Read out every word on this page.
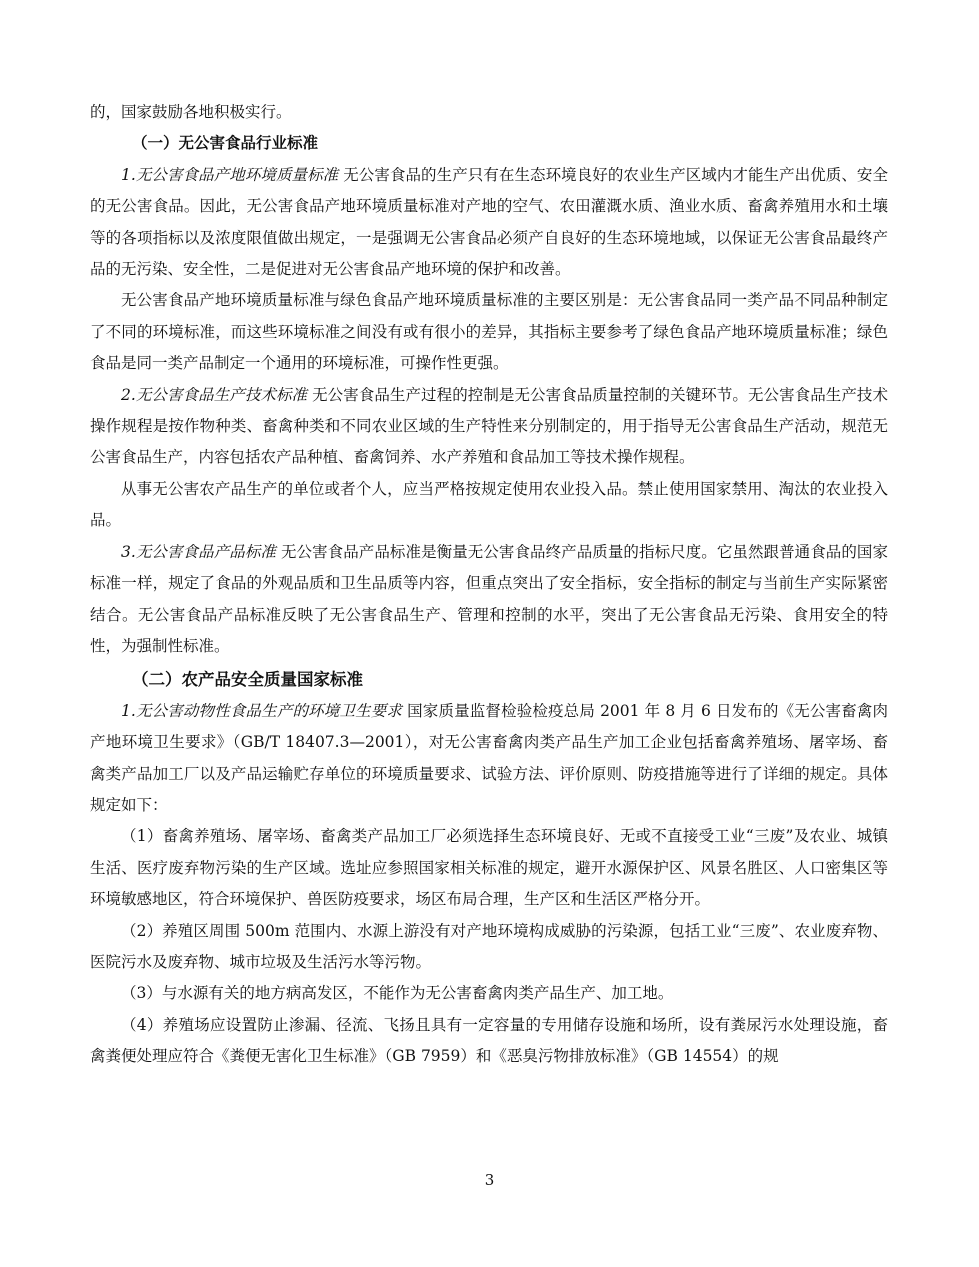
的，国家鼓励各地积极实行。

（一）无公害食品行业标准

1.无公害食品产地环境质量标准 无公害食品的生产只有在生态环境良好的农业生产区域内才能生产出优质、安全的无公害食品。因此，无公害食品产地环境质量标准对产地的空气、农田灌溉水质、渔业水质、畜禽养殖用水和土壤等的各项指标以及浓度限值做出规定，一是强调无公害食品必须产自良好的生态环境地域，以保证无公害食品最终产品的无污染、安全性，二是促进对无公害食品产地环境的保护和改善。

无公害食品产地环境质量标准与绿色食品产地环境质量标准的主要区别是：无公害食品同一类产品不同品种制定了不同的环境标准，而这些环境标准之间没有或有很小的差异，其指标主要参考了绿色食品产地环境质量标准；绿色食品是同一类产品制定一个通用的环境标准，可操作性更强。

2.无公害食品生产技术标准 无公害食品生产过程的控制是无公害食品质量控制的关键环节。无公害食品生产技术操作规程是按作物种类、畜禽种类和不同农业区域的生产特性来分别制定的，用于指导无公害食品生产活动，规范无公害食品生产，内容包括农产品种植、畜禽饲养、水产养殖和食品加工等技术操作规程。

从事无公害农产品生产的单位或者个人，应当严格按规定使用农业投入品。禁止使用国家禁用、淘汰的农业投入品。

3.无公害食品产品标准 无公害食品产品标准是衡量无公害食品终产品质量的指标尺度。它虽然跟普通食品的国家标准一样，规定了食品的外观品质和卫生品质等内容，但重点突出了安全指标，安全指标的制定与当前生产实际紧密结合。无公害食品产品标准反映了无公害食品生产、管理和控制的水平，突出了无公害食品无污染、食用安全的特性，为强制性标准。

（二）农产品安全质量国家标准

1.无公害动物性食品生产的环境卫生要求 国家质量监督检验检疫总局 2001 年 8 月 6 日发布的《无公害畜禽肉产地环境卫生要求》（GB/T 18407.3—2001），对无公害畜禽肉类产品生产加工企业包括畜禽养殖场、屠宰场、畜禽类产品加工厂以及产品运输贮存单位的环境质量要求、试验方法、评价原则、防疫措施等进行了详细的规定。具体规定如下：

（1）畜禽养殖场、屠宰场、畜禽类产品加工厂必须选择生态环境良好、无或不直接受工业“三废”及农业、城镇生活、医疗废弃物污染的生产区域。选址应参照国家相关标准的规定，避开水源保护区、风景名胜区、人口密集区等环境敏感地区，符合环境保护、兽医防疫要求，场区布局合理，生产区和生活区严格分开。

（2）养殖区周围 500m 范围内、水源上游没有对产地环境构成威胁的污染源，包括工业“三废”、农业废弃物、医院污水及废弃物、城市垃圾及生活污水等污物。

（3）与水源有关的地方病高发区，不能作为无公害畜禽肉类产品生产、加工地。

（4）养殖场应设置防止渗漏、径流、飞扬且具有一定容量的专用储存设施和场所，设有粪尿污水处理设施，畜禽粪便处理应符合《粪便无害化卫生标准》（GB 7959）和《恶臭污物排放标准》（GB 14554）的规

3
